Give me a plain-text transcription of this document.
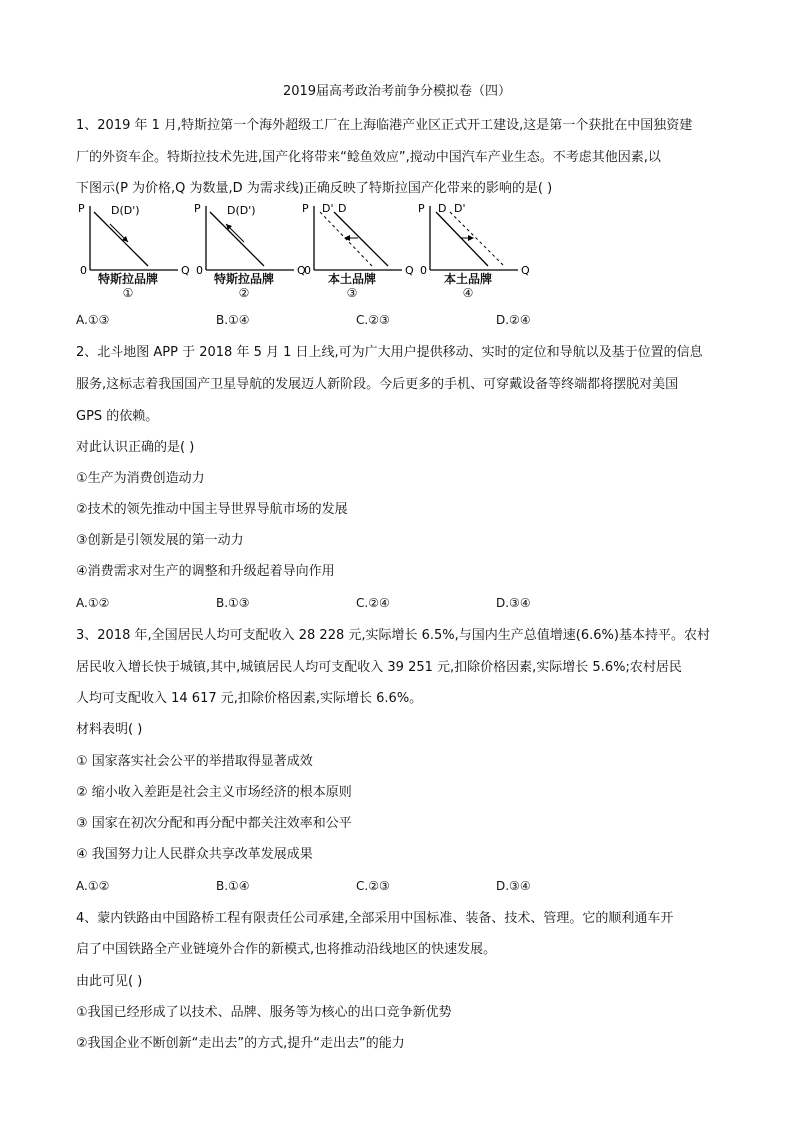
2019届高考政治考前争分模拟卷（四）
1、2019 年 1 月,特斯拉第一个海外超级工厂在上海临港产业区正式开工建设,这是第一个获批在中国独资建
厂的外资车企。特斯拉技术先进,国产化将带来“鲶鱼效应”,搅动中国汽车产业生态。不考虑其他因素,以
下图示(P 为价格,Q 为数量,D 为需求线)正确反映了特斯拉国产化带来的影响的是( )
P
Q
0
D(D')
特斯拉品牌
①
P
Q
0
D(D')
特斯拉品牌
②
P
Q
0
D' D
本土品牌
③
P
Q
0
D D'
本土品牌
④
A.①③	B.①④	C.②③	D.②④
2、北斗地图 APP 于 2018 年 5 月 1 日上线,可为广大用户提供移动、实时的定位和导航以及基于位置的信息
服务,这标志着我国国产卫星导航的发展迈人新阶段。今后更多的手机、可穿戴设备等终端都将摆脱对美国
GPS 的依赖。
对此认识正确的是( )
①生产为消费创造动力
②技术的领先推动中国主导世界导航市场的发展
③创新是引领发展的第一动力
④消费需求对生产的调整和升级起着导向作用
A.①②	B.①③	C.②④	D.③④
3、2018 年,全国居民人均可支配收入 28 228 元,实际增长 6.5%,与国内生产总值增速(6.6%)基本持平。农村
居民收入增长快于城镇,其中,城镇居民人均可支配收入 39 251 元,扣除价格因素,实际增长 5.6%;农村居民
人均可支配收入 14 617 元,扣除价格因素,实际增长 6.6%。
材料表明( )
① 国家落实社会公平的举措取得显著成效
② 缩小收入差距是社会主义市场经济的根本原则
③ 国家在初次分配和再分配中都关注效率和公平
④ 我国努力让人民群众共享改革发展成果
A.①②	B.①④	C.②③	D.③④
4、蒙内铁路由中国路桥工程有限责任公司承建,全部采用中国标准、装备、技术、管理。它的顺利通车开
启了中国铁路全产业链境外合作的新模式,也将推动沿线地区的快速发展。
由此可见( )
①我国已经形成了以技术、品牌、服务等为核心的出口竞争新优势
②我国企业不断创新“走出去”的方式,提升“走出去”的能力
